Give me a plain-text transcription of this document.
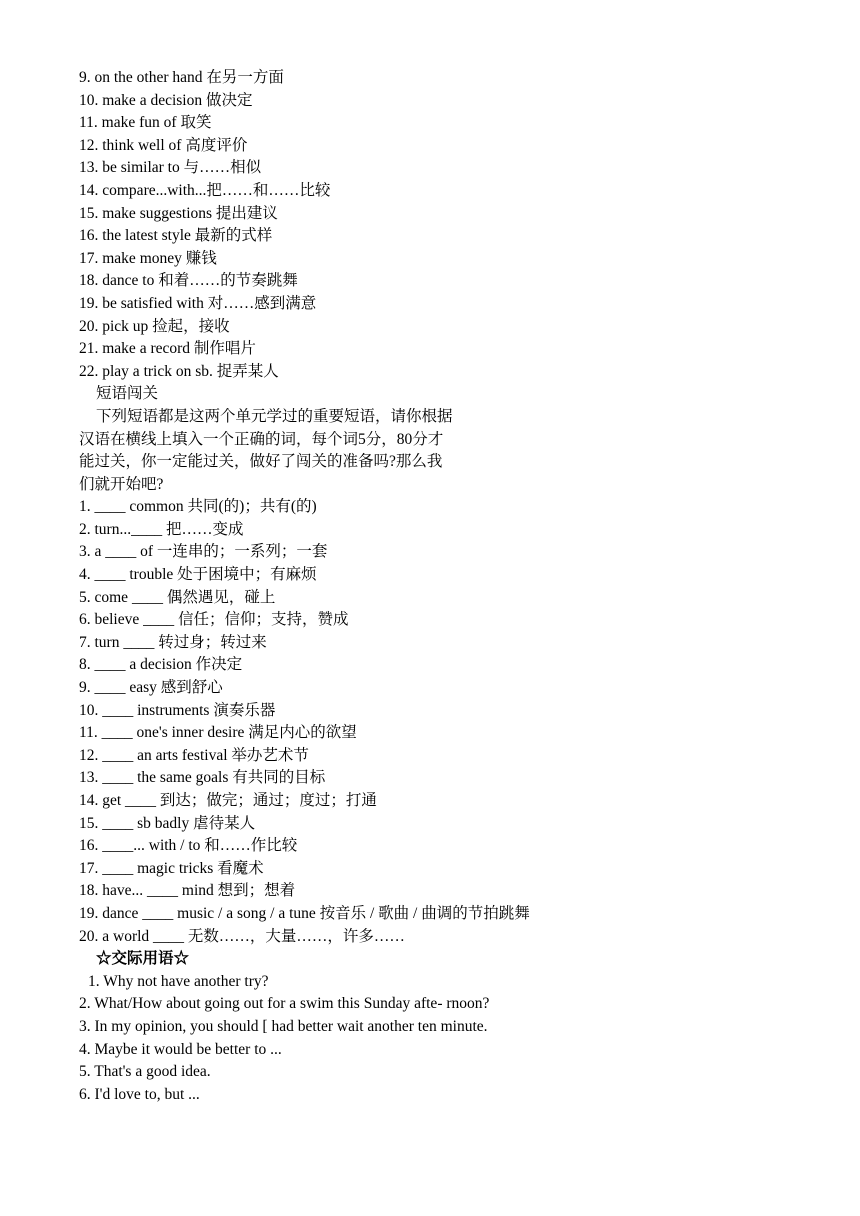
9. on the other hand 在另一方面
10. make a decision 做决定
11. make fun of 取笑
12. think well of 高度评价
13. be similar to 与……相似
14. compare...with...把……和……比较
15. make suggestions 提出建议
16. the latest style 最新的式样
17. make money 赚钱
18. dance to 和着……的节奏跳舞
19. be satisfied with 对……感到满意
20. pick up 捡起，接收
21. make a record 制作唱片
22. play a trick on sb. 捉弄某人
短语闯关
下列短语都是这两个单元学过的重要短语，请你根据
汉语在横线上填入一个正确的词，每个词5分，80分才
能过关，你一定能过关，做好了闯关的准备吗?那么我
们就开始吧?
1. ____ common 共同(的)；共有(的)
2. turn...____ 把……变成
3. a ____ of 一连串的；一系列；一套
4. ____ trouble 处于困境中；有麻烦
5. come ____ 偶然遇见，碰上
6. believe ____ 信任；信仰；支持，赞成
7. turn ____ 转过身；转过来
8. ____ a decision 作决定
9. ____ easy 感到舒心
10. ____ instruments 演奏乐器
11. ____ one's inner desire 满足内心的欲望
12. ____ an arts festival 举办艺术节
13. ____ the same goals 有共同的目标
14. get ____ 到达；做完；通过；度过；打通
15. ____ sb badly 虐待某人
16. ____... with / to 和……作比较
17. ____ magic tricks 看魔术
18. have... ____ mind 想到；想着
19. dance ____ music / a song / a tune 按音乐 / 歌曲 / 曲调的节拍跳舞
20. a world ____ 无数……，大量……，许多……
☆交际用语☆
1. Why not have another try?
2. What/How about going out for a swim this Sunday afte- rnoon?
3. In my opinion, you should [ had better wait another ten minute.
4. Maybe it would be better to ...
5. That's a good idea.
6. I'd love to, but ...
